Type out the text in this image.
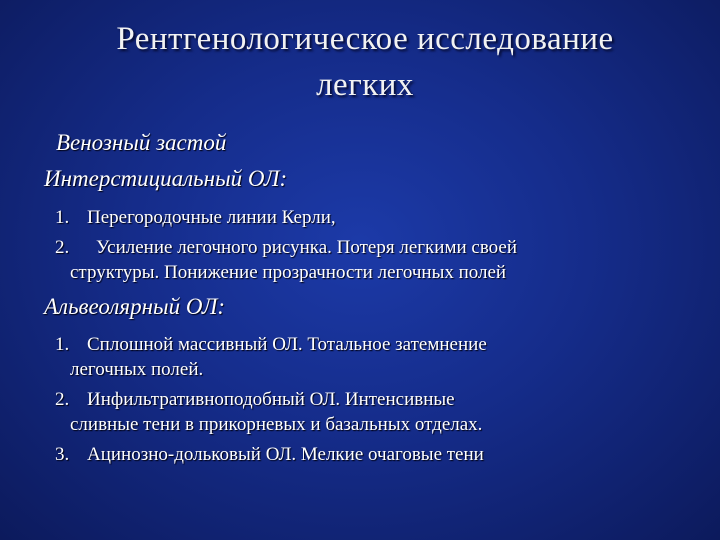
Рентгенологическое исследование
легких
Венозный застой
Интерстициальный ОЛ:
1. Перегородочные линии Керли,
2. Усиление легочного рисунка. Потеря легкими своей
структуры. Понижение прозрачности легочных полей
Альвеолярный ОЛ:
1. Сплошной массивный ОЛ. Тотальное затемнение
легочных полей.
2. Инфильтративноподобный ОЛ. Интенсивные
сливные тени в прикорневых и базальных отделах.
3. Ацинозно-дольковый ОЛ. Мелкие очаговые тени
